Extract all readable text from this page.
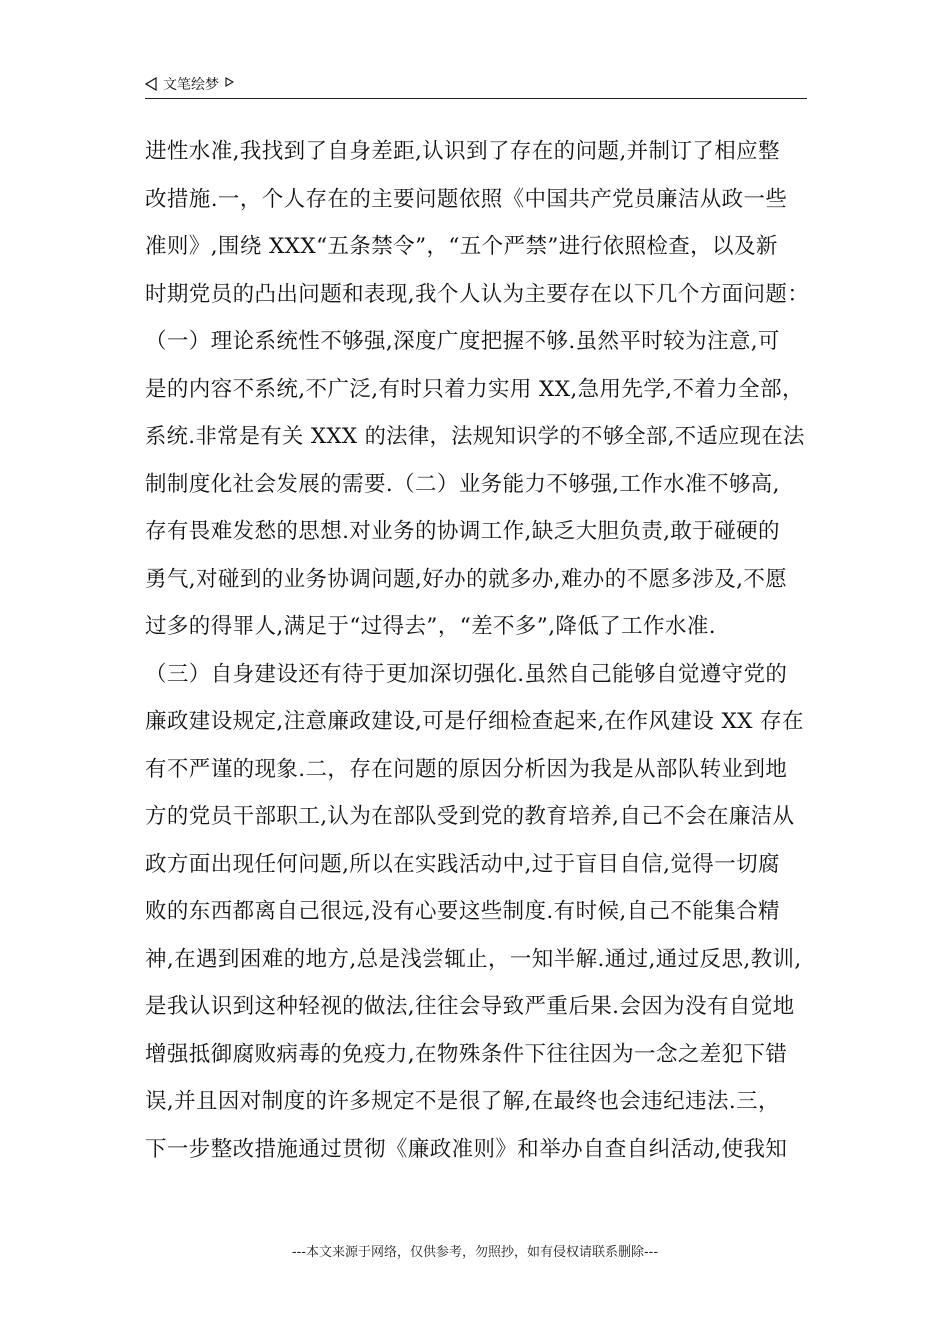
文笔绘梦
进性水准,我找到了自身差距,认识到了存在的问题,并制订了相应整
改措施.一，个人存在的主要问题依照《中国共产党员廉洁从政一些
准则》,围绕 XXX“五条禁令”，“五个严禁”进行依照检查，以及新
时期党员的凸出问题和表现,我个人认为主要存在以下几个方面问题：
（一）理论系统性不够强,深度广度把握不够.虽然平时较为注意,可
是的内容不系统,不广泛,有时只着力实用 XX,急用先学,不着力全部，
系统.非常是有关 XXX 的法律，法规知识学的不够全部,不适应现在法
制制度化社会发展的需要.（二）业务能力不够强,工作水准不够高,
存有畏难发愁的思想.对业务的协调工作,缺乏大胆负责,敢于碰硬的
勇气,对碰到的业务协调问题,好办的就多办,难办的不愿多涉及,不愿
过多的得罪人,满足于“过得去”，“差不多”,降低了工作水准.
（三）自身建设还有待于更加深切强化.虽然自己能够自觉遵守党的
廉政建设规定,注意廉政建设,可是仔细检查起来,在作风建设 XX 存在
有不严谨的现象.二，存在问题的原因分析因为我是从部队转业到地
方的党员干部职工,认为在部队受到党的教育培养,自己不会在廉洁从
政方面出现任何问题,所以在实践活动中,过于盲目自信,觉得一切腐
败的东西都离自己很远,没有心要这些制度.有时候,自己不能集合精
神,在遇到困难的地方,总是浅尝辄止，一知半解.通过,通过反思,教训,
是我认识到这种轻视的做法,往往会导致严重后果.会因为没有自觉地
增强抵御腐败病毒的免疫力,在物殊条件下往往因为一念之差犯下错
误,并且因对制度的许多规定不是很了解,在最终也会违纪违法.三，
下一步整改措施通过贯彻《廉政准则》和举办自查自纠活动,使我知
---本文来源于网络，仅供参考，勿照抄，如有侵权请联系删除---
